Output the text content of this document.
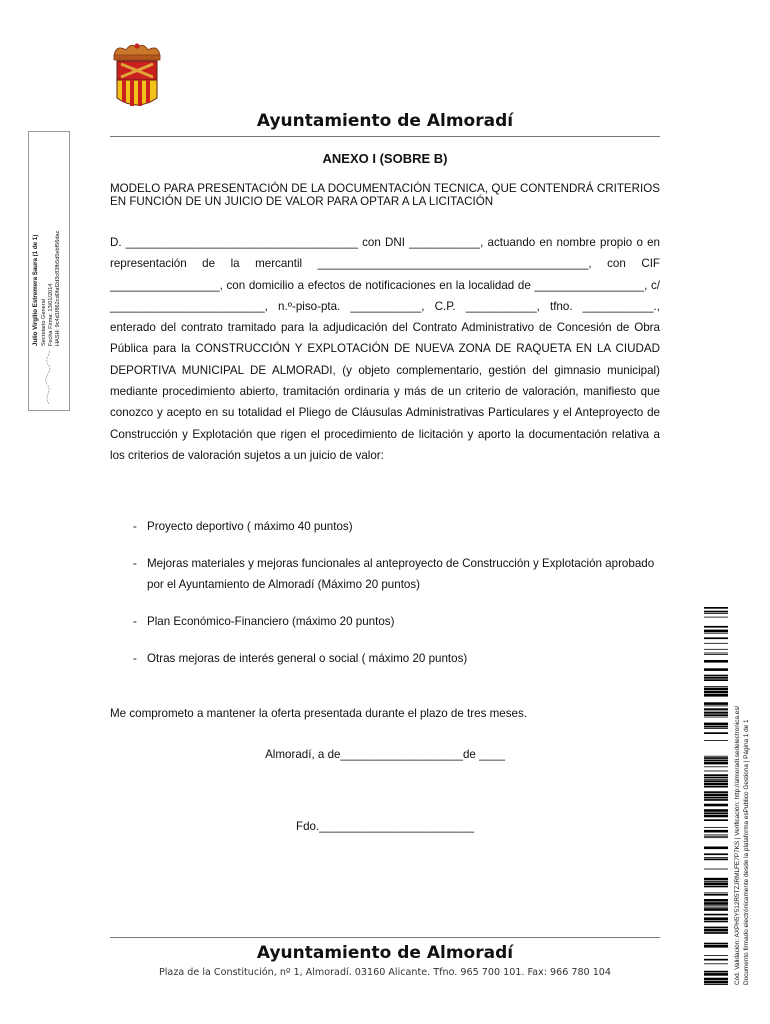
Ayuntamiento de Almoradí
Julio Virgilio Estremera Saura (1 de 1) Secretario General Fecha Firma: 13/01/2014 HASH: 9c4d1f862cd0faf2d3c83fb5d5ebf56dac
ANEXO I (SOBRE B)
MODELO PARA PRESENTACIÓN DE LA DOCUMENTACIÓN TECNICA, QUE CONTENDRÁ CRITERIOS EN FUNCIÓN DE UN JUICIO DE VALOR PARA OPTAR A LA LICITACIÓN

D. ____________________________________ con DNI ___________, actuando en nombre propio o en representación de la mercantil __________________________________________, con CIF _________________, con domicilio a efectos de notificaciones en la localidad de _________________, c/ ________________________, n.º-piso-pta. ___________, C.P. ___________, tfno. ___________., enterado del contrato tramitado para la adjudicación del Contrato Administrativo de Concesión de Obra Pública para la CONSTRUCCIÓN Y EXPLOTACIÓN DE NUEVA ZONA DE RAQUETA EN LA CIUDAD DEPORTIVA MUNICIPAL DE ALMORADI, (y objeto complementario, gestión del gimnasio municipal) mediante procedimiento abierto, tramitación ordinaria y más de un criterio de valoración, manifiesto que conozco y acepto en su totalidad el Pliego de Cláusulas Administrativas Particulares y el Anteproyecto de Construcción y Explotación que rigen el procedimiento de licitación y aporto la documentación relativa a los criterios de valoración sujetos a un juicio de valor:

- Proyecto deportivo ( máximo 40 puntos)
- Mejoras materiales y mejoras funcionales al anteproyecto de Construcción y Explotación aprobado por el Ayuntamiento de Almoradí (Máximo 20 puntos)
- Plan Económico-Financiero (máximo 20 puntos)
- Otras mejoras de interés general o social ( máximo 20 puntos)
Me comprometo a mantener la oferta presentada durante el plazo de tres meses.
Almoradí, a de___________________de ____
Fdo.________________________
Ayuntamiento de Almoradí
Plaza de la Constitución, nº 1, Almoradí. 03160 Alicante. Tfno. 965 700 101. Fax: 966 780 104	Cód. Validación: AXPH5Y512R5TZJRMLFE7P7KS | Verificación: http://almoradi.sedelectronica.es/ Documento firmado electrónicamente desde la plataforma esPublico Gestiona | Página 1 de 1
